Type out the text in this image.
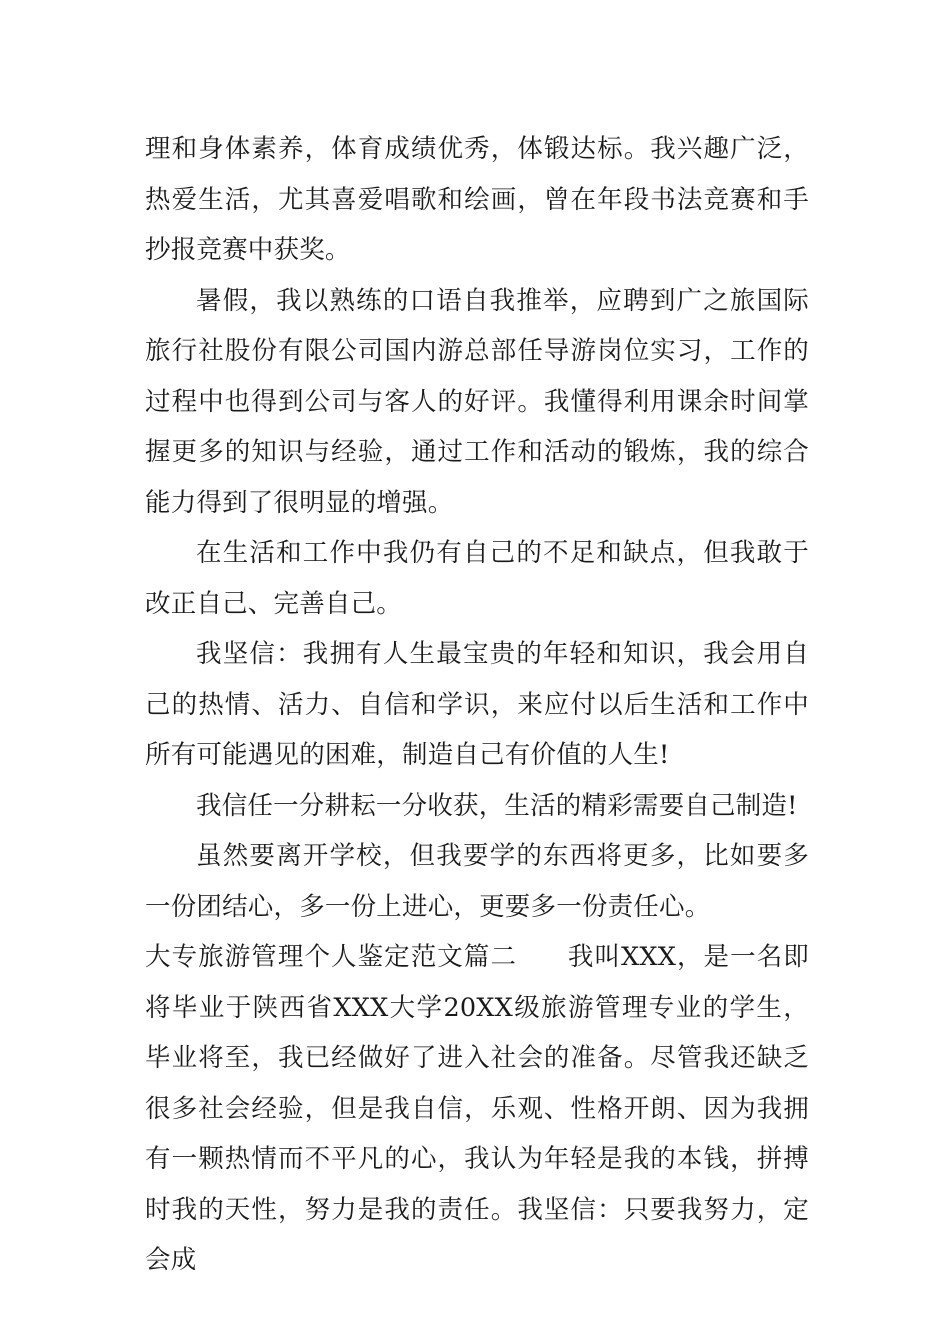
理和身体素养，体育成绩优秀，体锻达标。我兴趣广泛，热爱生活，尤其喜爱唱歌和绘画，曾在年段书法竞赛和手抄报竞赛中获奖。

暑假，我以熟练的口语自我推举，应聘到广之旅国际旅行社股份有限公司国内游总部任导游岗位实习，工作的过程中也得到公司与客人的好评。我懂得利用课余时间掌握更多的知识与经验，通过工作和活动的锻炼，我的综合能力得到了很明显的增强。

在生活和工作中我仍有自己的不足和缺点，但我敢于改正自己、完善自己。

我坚信：我拥有人生最宝贵的年轻和知识，我会用自己的热情、活力、自信和学识，来应付以后生活和工作中所有可能遇见的困难，制造自己有价值的人生!

我信任一分耕耘一分收获，生活的精彩需要自己制造!

虽然要离开学校，但我要学的东西将更多，比如要多一份团结心，多一份上进心，更要多一份责任心。

大专旅游管理个人鉴定范文篇二 我叫XXX，是一名即将毕业于陕西省XXX大学20XX级旅游管理专业的学生，毕业将至，我已经做好了进入社会的准备。尽管我还缺乏很多社会经验，但是我自信，乐观、性格开朗、因为我拥有一颗热情而不平凡的心，我认为年轻是我的本钱，拼搏时我的天性，努力是我的责任。我坚信：只要我努力，定会成
